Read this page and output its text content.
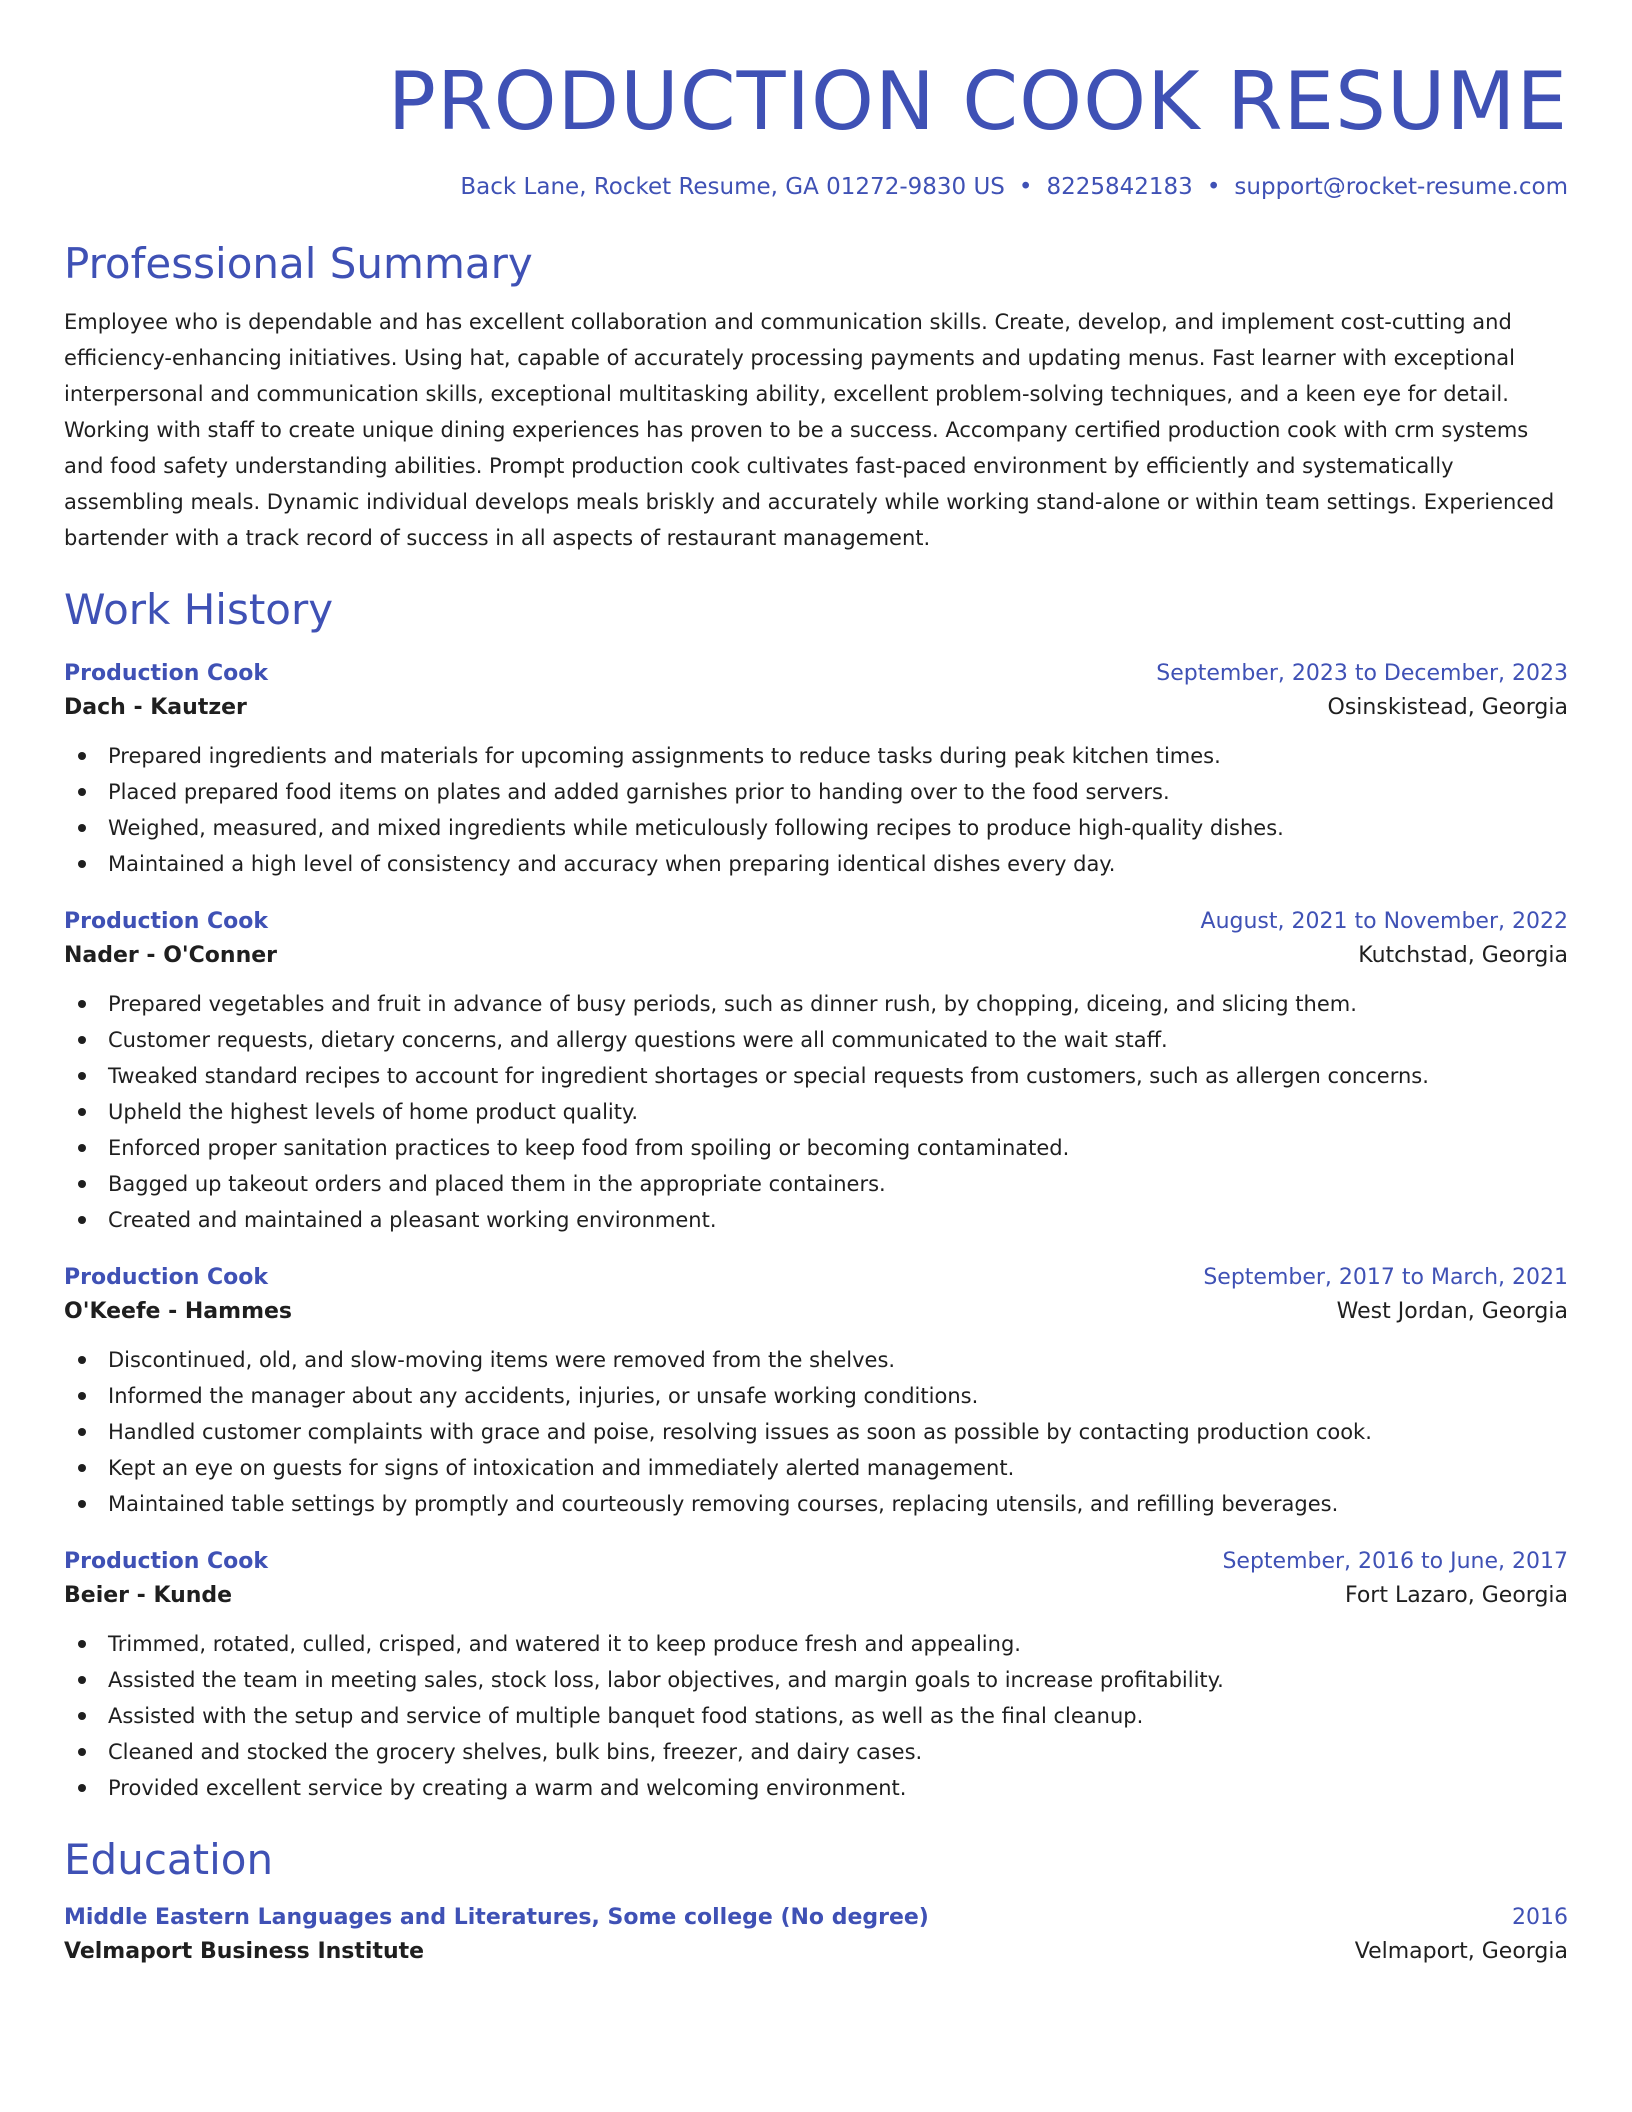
PRODUCTION COOK RESUME
Back Lane, Rocket Resume, GA 01272-9830 US • 8225842183 • support@rocket-resume.com
Professional Summary
Employee who is dependable and has excellent collaboration and communication skills. Create, develop, and implement cost-cutting and efficiency-enhancing initiatives. Using hat, capable of accurately processing payments and updating menus. Fast learner with exceptional interpersonal and communication skills, exceptional multitasking ability, excellent problem-solving techniques, and a keen eye for detail. Working with staff to create unique dining experiences has proven to be a success. Accompany certified production cook with crm systems and food safety understanding abilities. Prompt production cook cultivates fast-paced environment by efficiently and systematically assembling meals. Dynamic individual develops meals briskly and accurately while working stand-alone or within team settings. Experienced bartender with a track record of success in all aspects of restaurant management.
Work History
Production Cook	September, 2023 to December, 2023
Dach - Kautzer	Osinskistead, Georgia
Prepared ingredients and materials for upcoming assignments to reduce tasks during peak kitchen times.
Placed prepared food items on plates and added garnishes prior to handing over to the food servers.
Weighed, measured, and mixed ingredients while meticulously following recipes to produce high-quality dishes.
Maintained a high level of consistency and accuracy when preparing identical dishes every day.
Production Cook	August, 2021 to November, 2022
Nader - O'Conner	Kutchstad, Georgia
Prepared vegetables and fruit in advance of busy periods, such as dinner rush, by chopping, diceing, and slicing them.
Customer requests, dietary concerns, and allergy questions were all communicated to the wait staff.
Tweaked standard recipes to account for ingredient shortages or special requests from customers, such as allergen concerns.
Upheld the highest levels of home product quality.
Enforced proper sanitation practices to keep food from spoiling or becoming contaminated.
Bagged up takeout orders and placed them in the appropriate containers.
Created and maintained a pleasant working environment.
Production Cook	September, 2017 to March, 2021
O'Keefe - Hammes	West Jordan, Georgia
Discontinued, old, and slow-moving items were removed from the shelves.
Informed the manager about any accidents, injuries, or unsafe working conditions.
Handled customer complaints with grace and poise, resolving issues as soon as possible by contacting production cook.
Kept an eye on guests for signs of intoxication and immediately alerted management.
Maintained table settings by promptly and courteously removing courses, replacing utensils, and refilling beverages.
Production Cook	September, 2016 to June, 2017
Beier - Kunde	Fort Lazaro, Georgia
Trimmed, rotated, culled, crisped, and watered it to keep produce fresh and appealing.
Assisted the team in meeting sales, stock loss, labor objectives, and margin goals to increase profitability.
Assisted with the setup and service of multiple banquet food stations, as well as the final cleanup.
Cleaned and stocked the grocery shelves, bulk bins, freezer, and dairy cases.
Provided excellent service by creating a warm and welcoming environment.
Education
Middle Eastern Languages and Literatures, Some college (No degree)	2016
Velmaport Business Institute	Velmaport, Georgia
